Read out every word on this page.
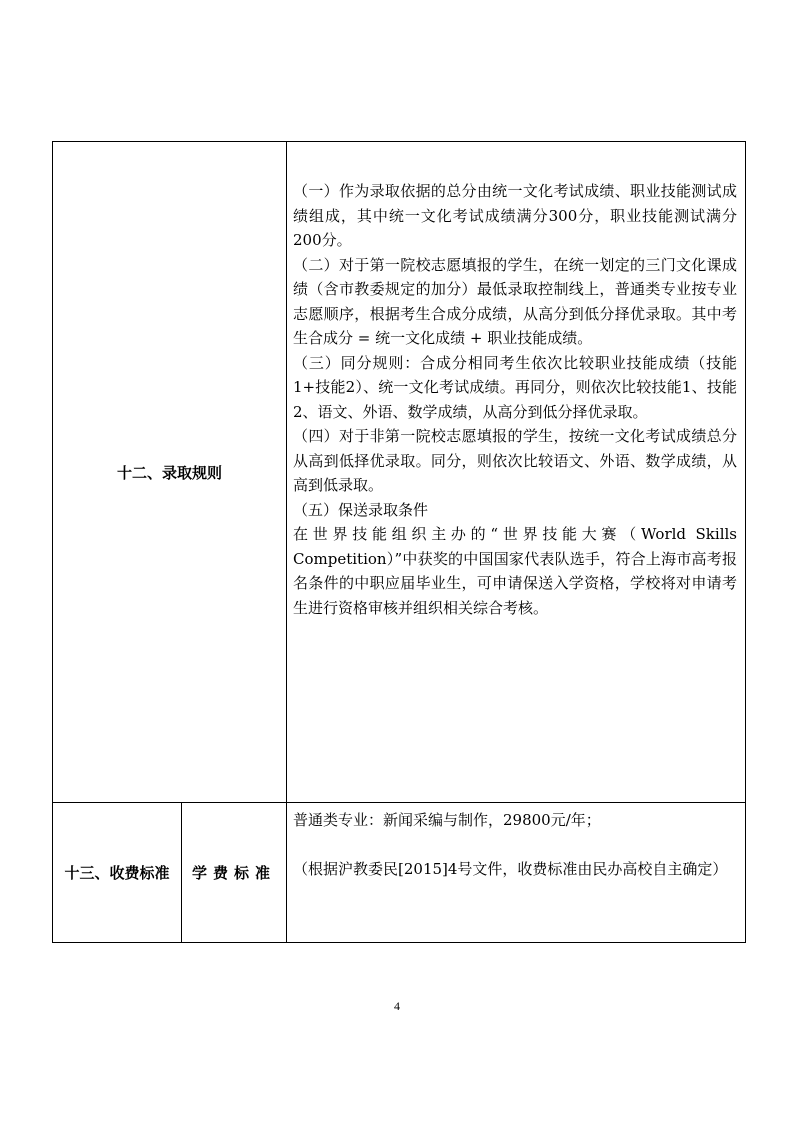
十二、录取规则

（一）作为录取依据的总分由统一文化考试成绩、职业技能测试成绩组成，其中统一文化考试成绩满分300分，职业技能测试满分200分。

（二）对于第一院校志愿填报的学生，在统一划定的三门文化课成绩（含市教委规定的加分）最低录取控制线上，普通类专业按专业志愿顺序，根据考生合成分成绩，从高分到低分择优录取。其中考生合成分 = 统一文化成绩 + 职业技能成绩。

（三）同分规则：合成分相同考生依次比较职业技能成绩（技能1+技能2）、统一文化考试成绩。再同分，则依次比较技能1、技能2、语文、外语、数学成绩，从高分到低分择优录取。

（四）对于非第一院校志愿填报的学生，按统一文化考试成绩总分从高到低择优录取。同分，则依次比较语文、外语、数学成绩，从高到低录取。

（五）保送录取条件

在世界技能组织主办的“世界技能大赛（World Skills Competition）”中获奖的中国国家代表队选手，符合上海市高考报名条件的中职应届毕业生，可申请保送入学资格，学校将对申请考生进行资格审核并组织相关综合考核。

十三、收费标准 学费标准

普通类专业：新闻采编与制作，29800元/年；

（根据沪教委民[2015]4号文件，收费标准由民办高校自主确定）

4
